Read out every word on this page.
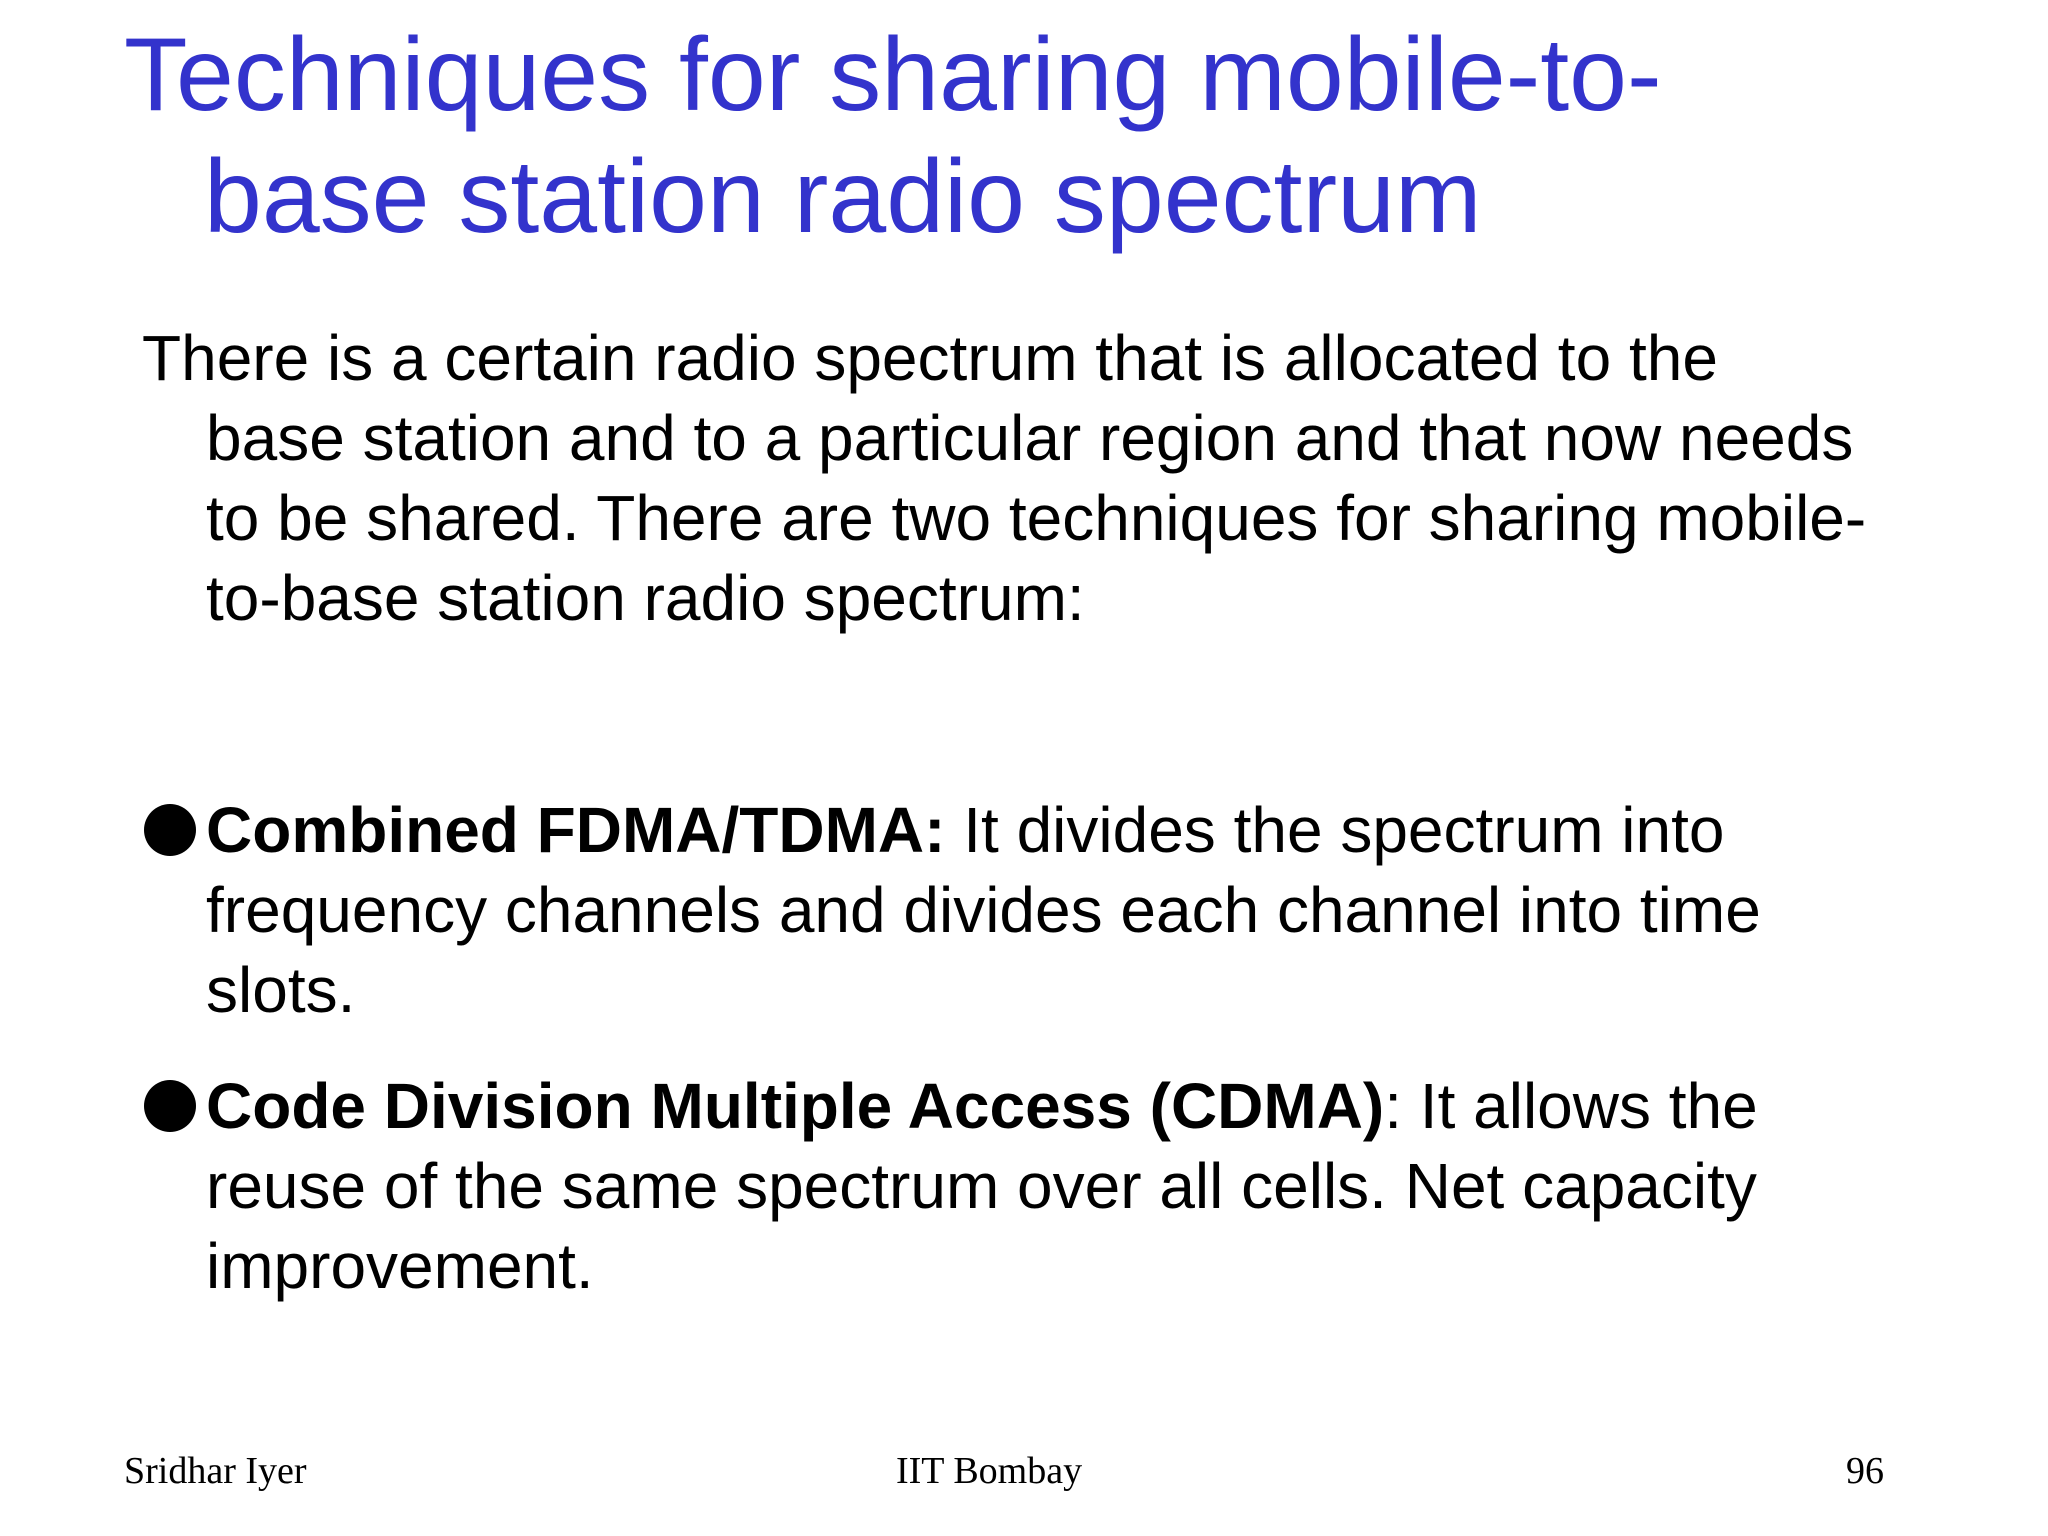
Techniques for sharing mobile-to-
base station radio spectrum

There is a certain radio spectrum that is allocated to the
base station and to a particular region and that now needs
to be shared. There are two techniques for sharing mobile-
to-base station radio spectrum:

Combined FDMA/TDMA: It divides the spectrum into
frequency channels and divides each channel into time
slots.
Code Division Multiple Access (CDMA): It allows the
reuse of the same spectrum over all cells. Net capacity
improvement.
Sridhar Iyer	IIT Bombay	96
